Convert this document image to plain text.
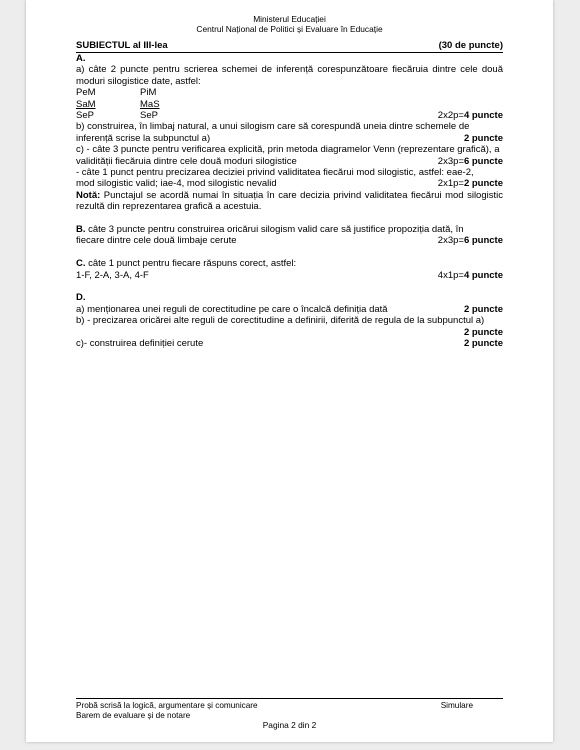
Ministerul Educației
Centrul Național de Politici și Evaluare în Educație
SUBIECTUL al III-lea	(30 de puncte)
A.

a) câte 2 puncte pentru scrierea schemei de inferență corespunzătoare fiecăruia dintre cele două moduri silogistice date, astfel:

PeM	PiM
SaM	MaS
SeP	SeP	2x2p=4 puncte

b) construirea, în limbaj natural, a unui silogism care să corespundă uneia dintre schemele de

inferență scrise la subpunctul a)	2 puncte

c) - câte 3 puncte pentru verificarea explicită, prin metoda diagramelor Venn (reprezentare grafică), a

validității fiecăruia dintre cele două moduri silogistice	2x3p=6 puncte

- câte 1 punct pentru precizarea deciziei privind validitatea fiecărui mod silogistic, astfel: eae-2,

mod silogistic valid; iae-4, mod silogistic nevalid	2x1p=2 puncte

Notă: Punctajul se acordă numai în situația în care decizia privind validitatea fiecărui mod silogistic rezultă din reprezentarea grafică a acestuia.

B. câte 3 puncte pentru construirea oricărui silogism valid care să justifice propoziția dată, în

fiecare dintre cele două limbaje cerute	2x3p=6 puncte

C. câte 1 punct pentru fiecare răspuns corect, astfel:

1-F, 2-A, 3-A, 4-F	4x1p=4 puncte
D.
a) menționarea unei reguli de corectitudine pe care o încalcă definiția dată	2 puncte

b) - precizarea oricărei alte reguli de corectitudine a definirii, diferită de regula de la subpunctul a)

2 puncte
c)- construirea definiției cerute	2 puncte
Probă scrisă la logică, argumentare și comunicare	Simulare
Barem de evaluare și de notare
Pagina 2 din 2
